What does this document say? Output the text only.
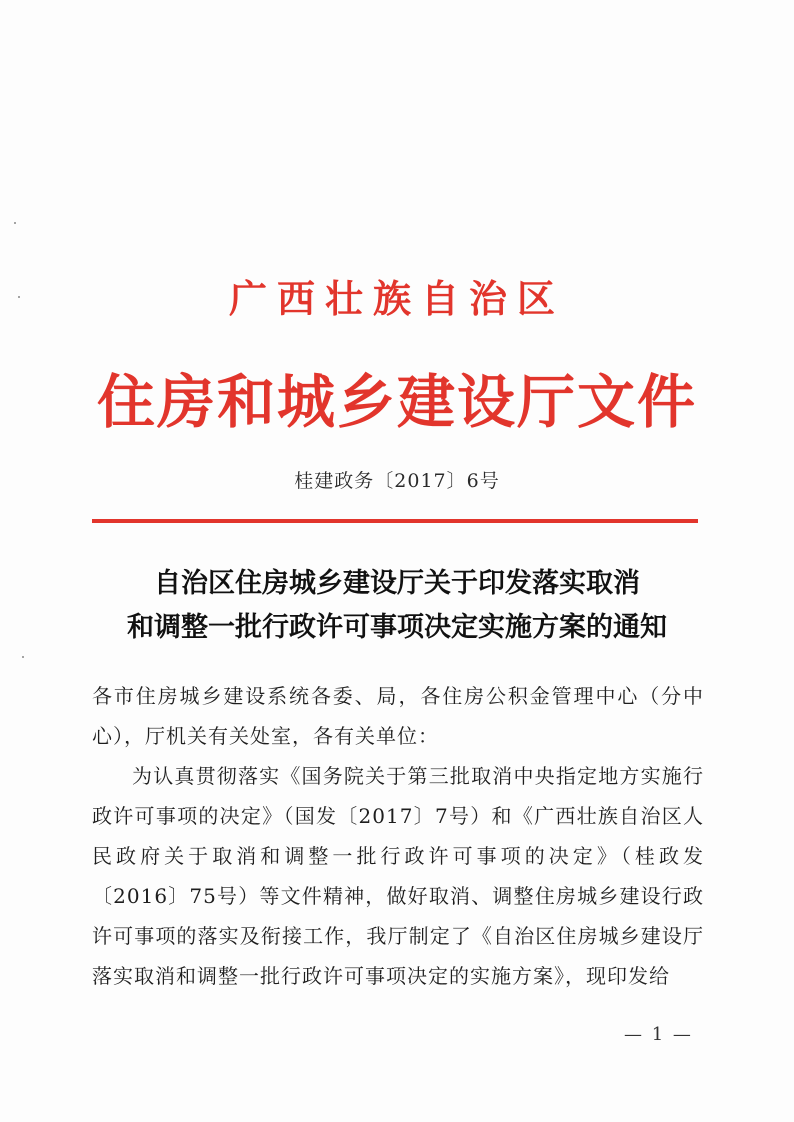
广西壮族自治区
住房和城乡建设厅文件
桂建政务〔2017〕6号
自治区住房城乡建设厅关于印发落实取消
和调整一批行政许可事项决定实施方案的通知

各市住房城乡建设系统各委、局，各住房公积金管理中心（分中心），厅机关有关处室，各有关单位：

为认真贯彻落实《国务院关于第三批取消中央指定地方实施行政许可事项的决定》（国发〔2017〕7号）和《广西壮族自治区人民政府关于取消和调整一批行政许可事项的决定》（桂政发〔2016〕75号）等文件精神，做好取消、调整住房城乡建设行政许可事项的落实及衔接工作，我厅制定了《自治区住房城乡建设厅落实取消和调整一批行政许可事项决定的实施方案》，现印发给

— 1 —
